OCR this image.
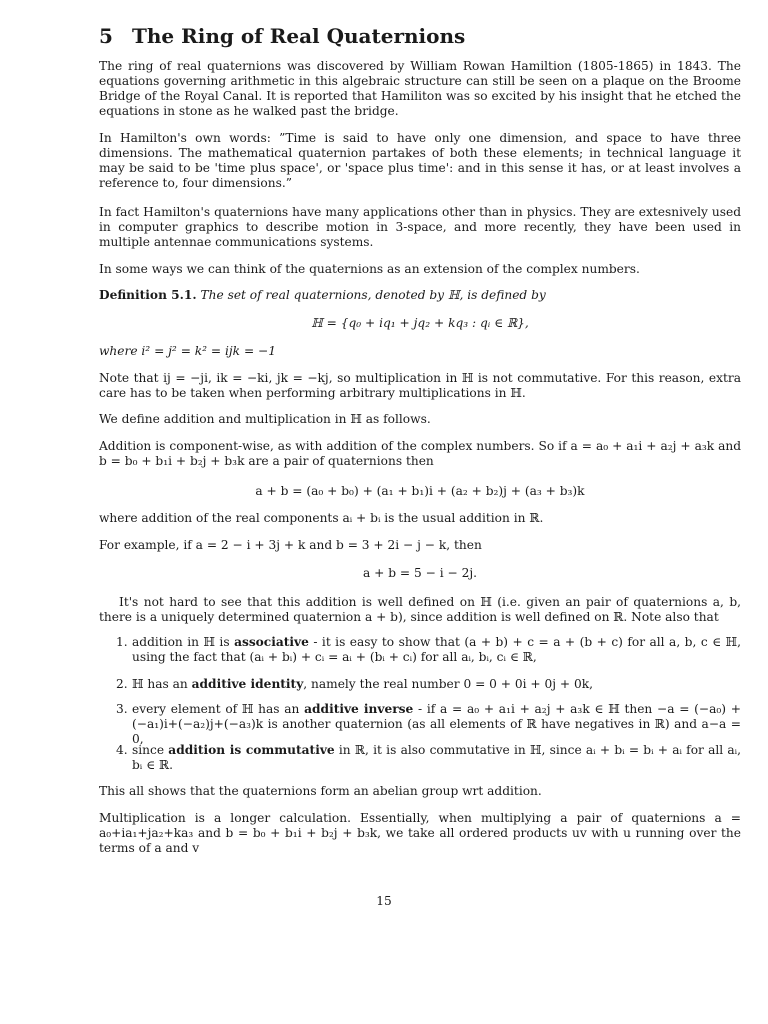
5 The Ring of Real Quaternions

The ring of real quaternions was discovered by William Rowan Hamiltion (1805-1865) in 1843. The equations governing arithmetic in this algebraic structure can still be seen on a plaque on the Broome Bridge of the Royal Canal. It is reported that Hamiliton was so excited by his insight that he etched the equations in stone as he walked past the bridge.

In Hamilton's own words: ”Time is said to have only one dimension, and space to have three dimensions. The mathematical quaternion partakes of both these elements; in technical language it may be said to be 'time plus space', or 'space plus time': and in this sense it has, or at least involves a reference to, four dimensions.”

In fact Hamilton's quaternions have many applications other than in physics. They are extesnively used in computer graphics to describe motion in 3-space, and more recently, they have been used in multiple antennae communications systems.

In some ways we can think of the quaternions as an extension of the complex numbers.

Definition 5.1. The set of real quaternions, denoted by ℍ, is defined by

ℍ = {q₀ + iq₁ + jq₂ + kq₃ : qᵢ ∈ ℝ},

where i² = j² = k² = ijk = −1

Note that ij = −ji, ik = −ki, jk = −kj, so multiplication in ℍ is not commutative. For this reason, extra care has to be taken when performing arbitrary multiplications in ℍ.

We define addition and multiplication in ℍ as follows.

Addition is component-wise, as with addition of the complex numbers. So if a = a₀ + a₁i + a₂j + a₃k and b = b₀ + b₁i + b₂j + b₃k are a pair of quaternions then

a + b = (a₀ + b₀) + (a₁ + b₁)i + (a₂ + b₂)j + (a₃ + b₃)k

where addition of the real components aᵢ + bᵢ is the usual addition in ℝ.

For example, if a = 2 − i + 3j + k and b = 3 + 2i − j − k, then

a + b = 5 − i − 2j.

It's not hard to see that this addition is well defined on ℍ (i.e. given an pair of quaternions a, b, there is a uniquely determined quaternion a + b), since addition is well defined on ℝ. Note also that

1. addition in ℍ is associative - it is easy to show that (a + b) + c = a + (b + c) for all a, b, c ∈ ℍ, using the fact that (aᵢ + bᵢ) + cᵢ = aᵢ + (bᵢ + cᵢ) for all aᵢ, bᵢ, cᵢ ∈ ℝ,
2. ℍ has an additive identity, namely the real number 0 = 0 + 0i + 0j + 0k,
3. every element of ℍ has an additive inverse - if a = a₀ + a₁i + a₂j + a₃k ∈ ℍ then −a = (−a₀) + (−a₁)i+(−a₂)j+(−a₃)k is another quaternion (as all elements of ℝ have negatives in ℝ) and a−a = 0,
4. since addition is commutative in ℝ, it is also commutative in ℍ, since aᵢ + bᵢ = bᵢ + aᵢ for all aᵢ, bᵢ ∈ ℝ.

This all shows that the quaternions form an abelian group wrt addition.

Multiplication is a longer calculation. Essentially, when multiplying a pair of quaternions a = a₀+ia₁+ja₂+ka₃ and b = b₀ + b₁i + b₂j + b₃k, we take all ordered products uv with u running over the terms of a and v

15
